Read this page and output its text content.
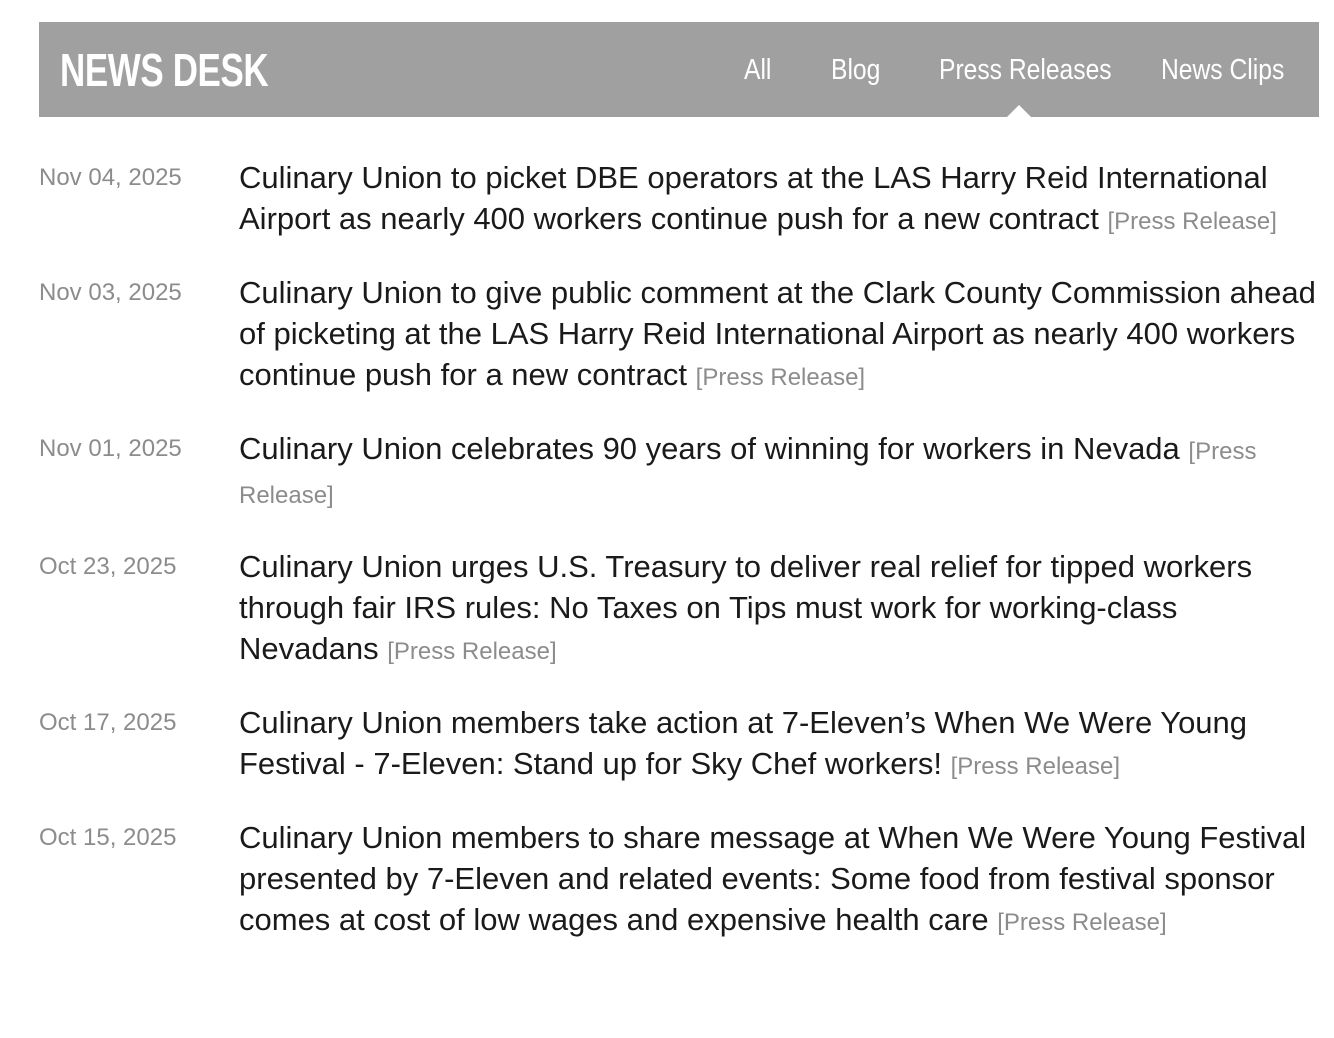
NEWS DESK	All Blog Press Releases News Clips
Nov 04, 2025	Culinary Union to picket DBE operators at the LAS Harry Reid International Airport as nearly 400 workers continue push for a new contract [Press Release]
Nov 03, 2025	Culinary Union to give public comment at the Clark County Commission ahead of picketing at the LAS Harry Reid International Airport as nearly 400 workers continue push for a new contract [Press Release]
Nov 01, 2025	Culinary Union celebrates 90 years of winning for workers in Nevada [Press Release]
Oct 23, 2025	Culinary Union urges U.S. Treasury to deliver real relief for tipped workers through fair IRS rules: No Taxes on Tips must work for working-class Nevadans [Press Release]
Oct 17, 2025	Culinary Union members take action at 7-Eleven’s When We Were Young Festival - 7-Eleven: Stand up for Sky Chef workers! [Press Release]
Oct 15, 2025	Culinary Union members to share message at When We Were Young Festival presented by 7-Eleven and related events: Some food from festival sponsor comes at cost of low wages and expensive health care [Press Release]
